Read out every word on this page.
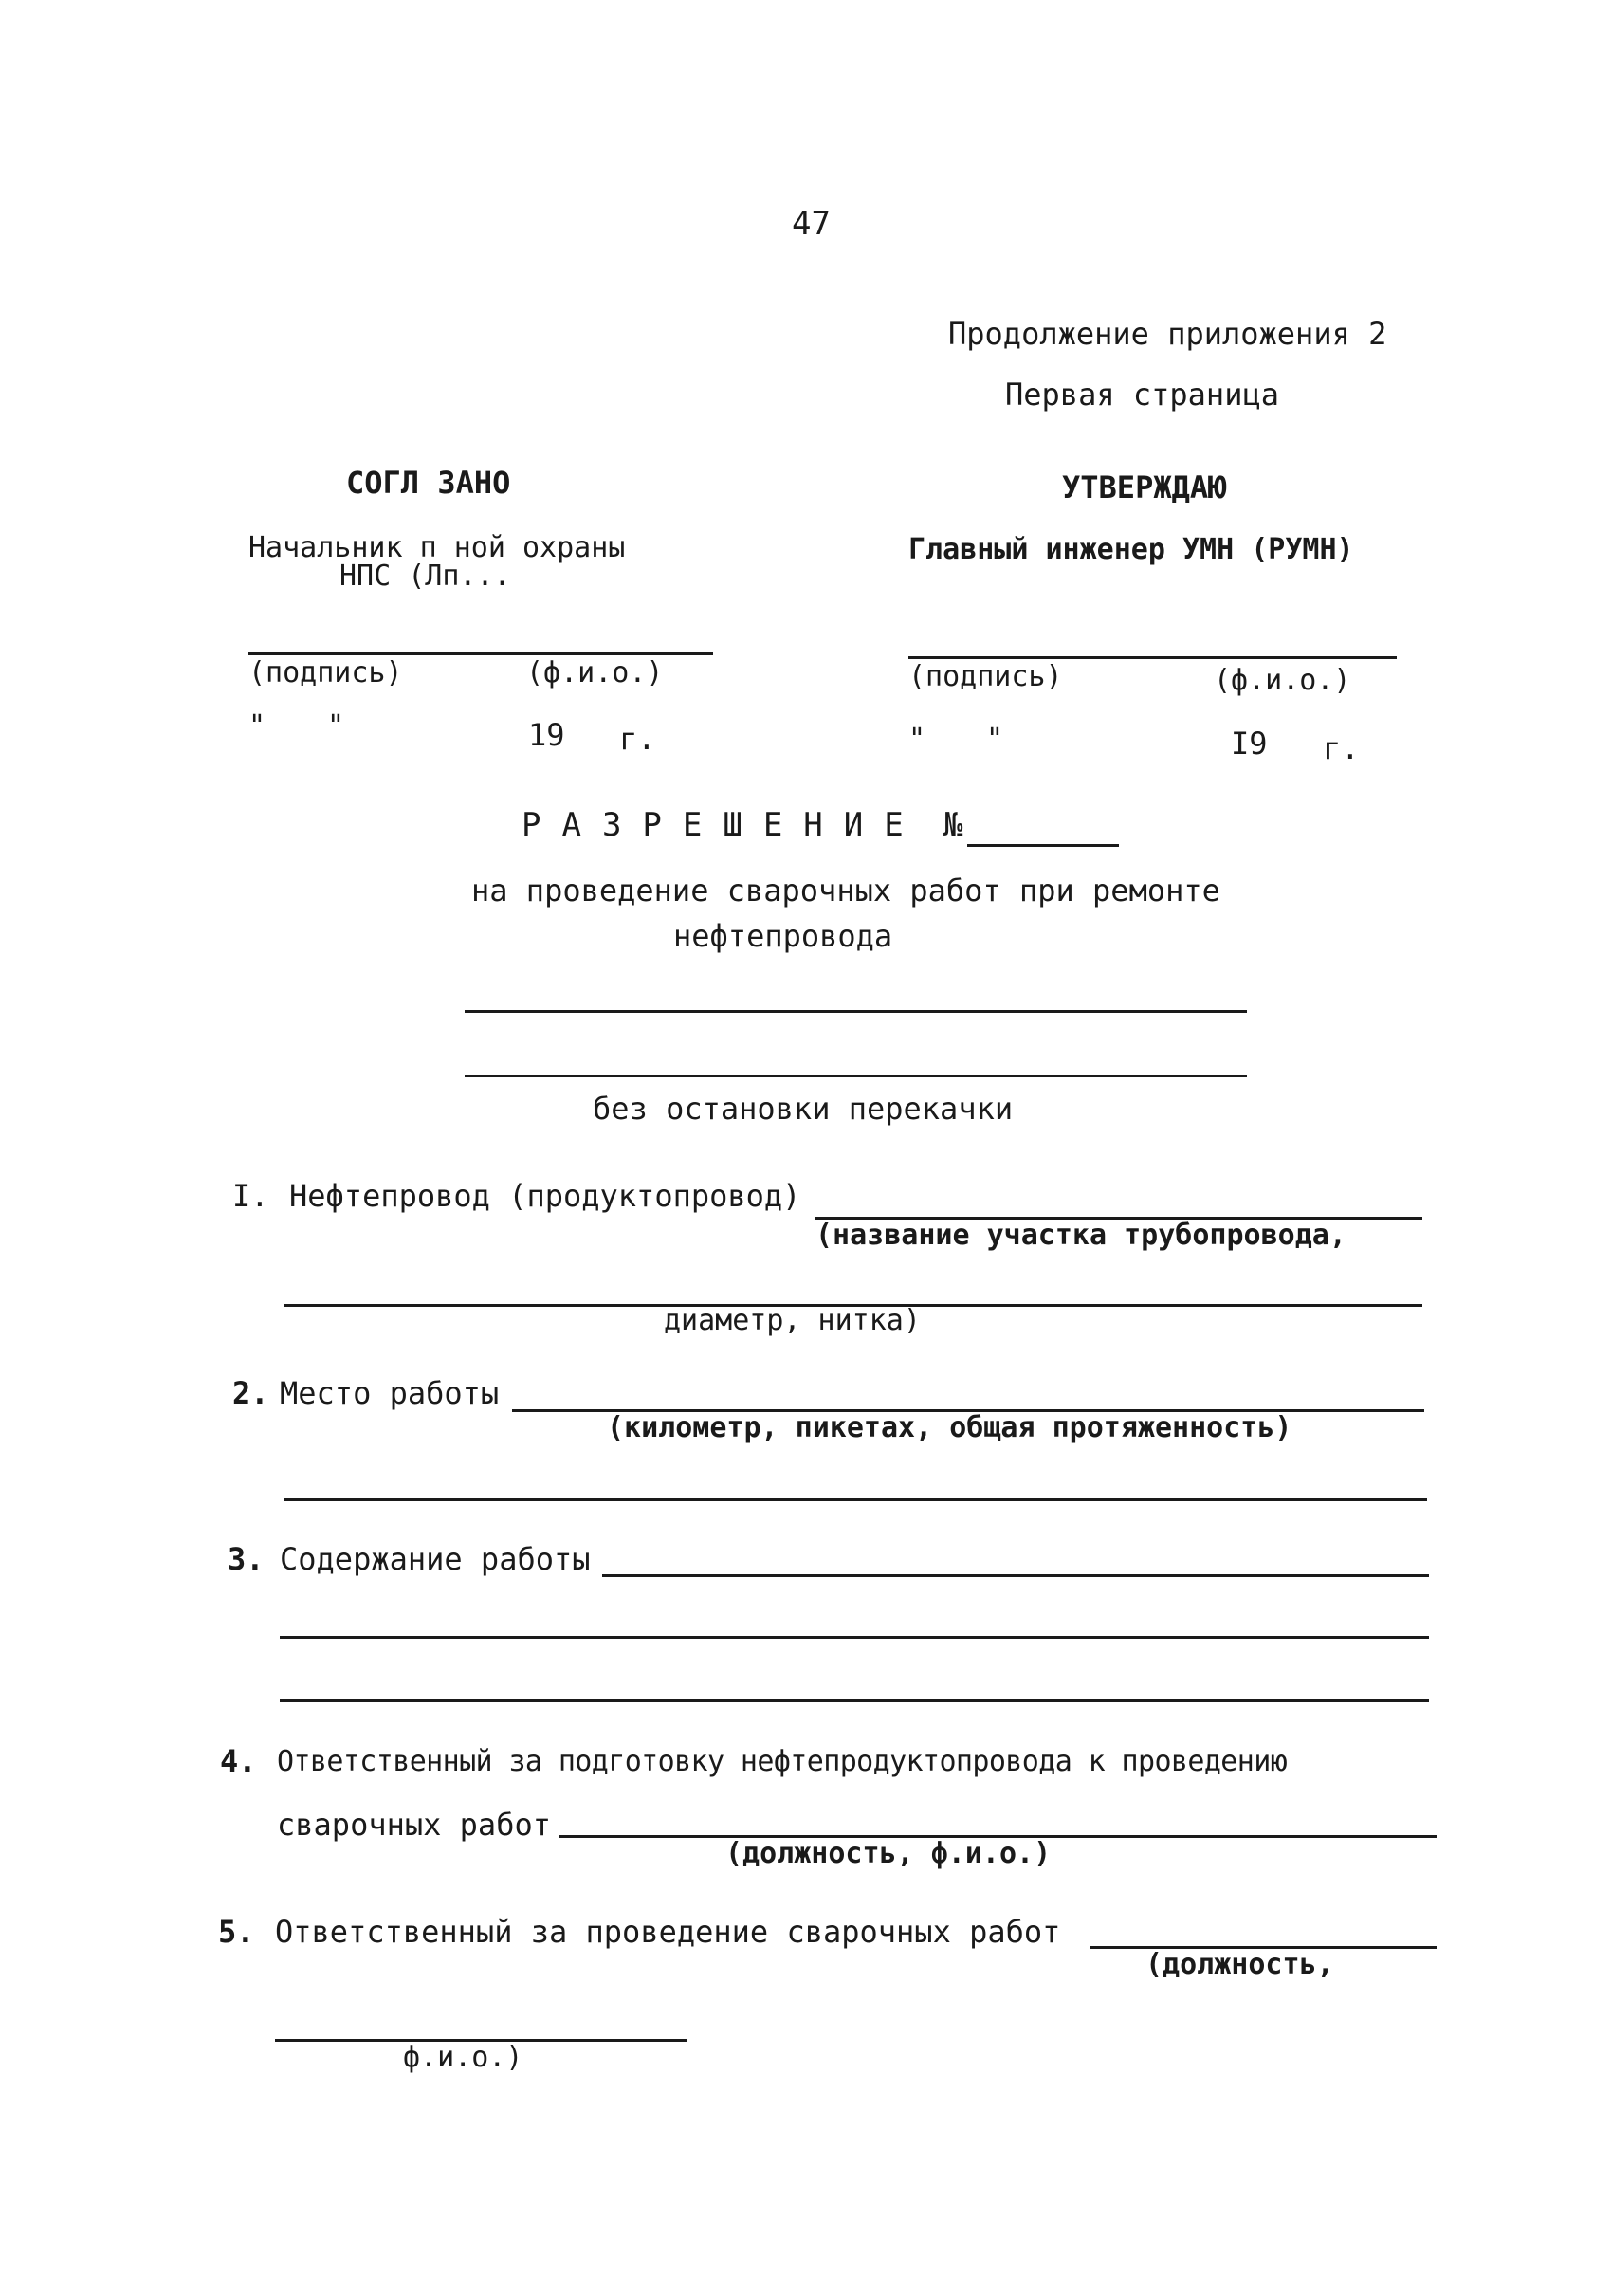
47
Продолжение приложения 2
Первая страница
СОГЛ ЗАНО
Начальник п ной охраны
НПС (Лп...
(подпись)	(ф.и.о.)
" "	19 г.
УТВЕРЖДАЮ
Главный инженер УМН (РУМН)
(подпись)	(ф.и.о.)
" "	I9 г.
РАЗРЕШЕНИЕ №
на проведение сварочных работ при ремонте
нефтепровода
без остановки перекачки
I. Нефтепровод (продуктопровод)
(название участка трубопровода,
диаметр, нитка)
2. Место работы
(километр, пикетах, общая протяженность)
3. Содержание работы
4. Ответственный за подготовку нефтепродуктопровода к проведению
сварочных работ
(должность, ф.и.о.)
5. Ответственный за проведение сварочных работ
(должность,
ф.и.о.)
